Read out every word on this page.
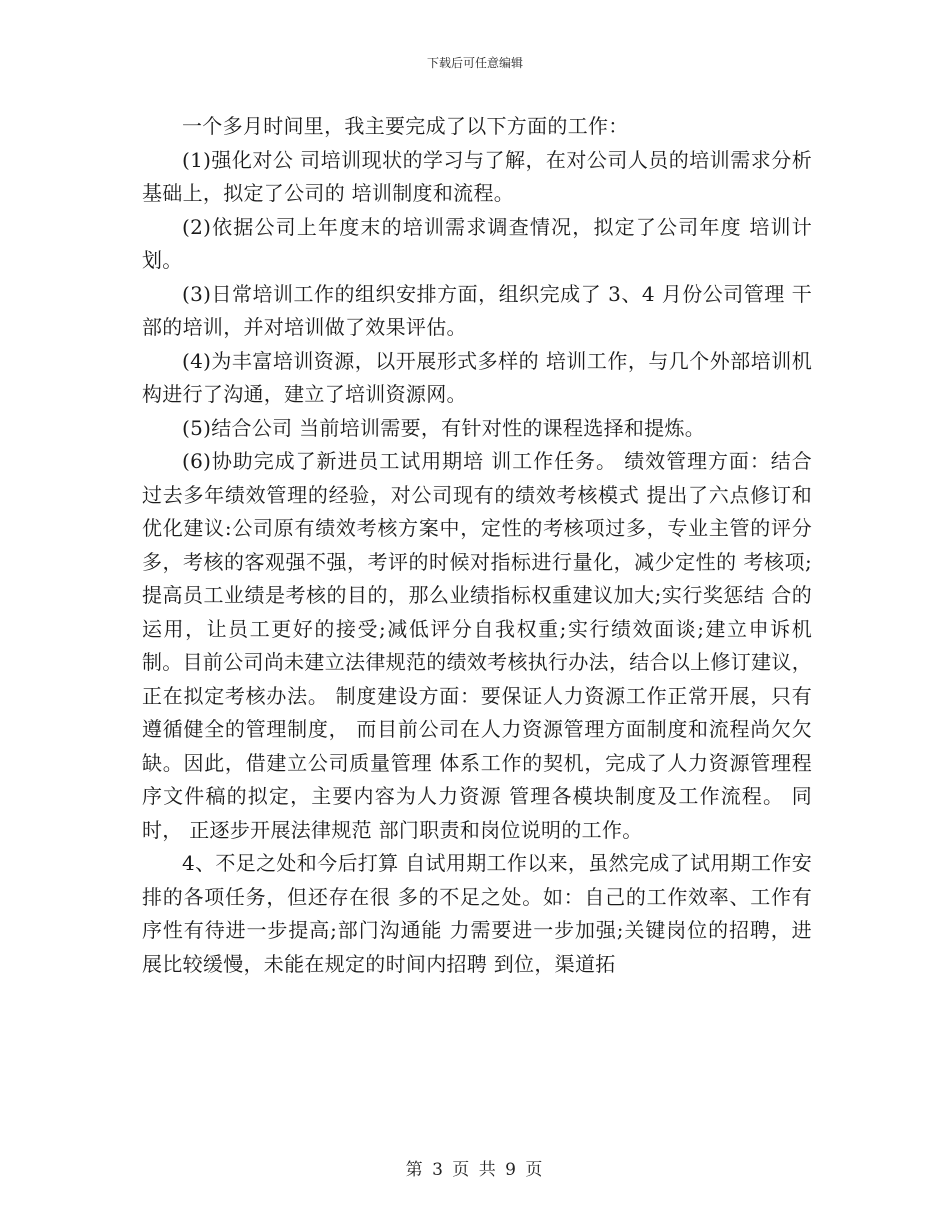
下载后可任意编辑

一个多月时间里，我主要完成了以下方面的工作：

(1)强化对公 司培训现状的学习与了解，在对公司人员的培训需求分析基础上，拟定了公司的 培训制度和流程。

(2)依据公司上年度末的培训需求调查情况，拟定了公司年度 培训计划。

(3)日常培训工作的组织安排方面，组织完成了 3、4 月份公司管理 干部的培训，并对培训做了效果评估。

(4)为丰富培训资源，以开展形式多样的 培训工作，与几个外部培训机构进行了沟通，建立了培训资源网。

(5)结合公司 当前培训需要，有针对性的课程选择和提炼。

(6)协助完成了新进员工试用期培 训工作任务。 绩效管理方面：结合过去多年绩效管理的经验，对公司现有的绩效考核模式 提出了六点修订和优化建议:公司原有绩效考核方案中，定性的考核项过多，专业主管的评分多，考核的客观强不强，考评的时候对指标进行量化，减少定性的 考核项;提高员工业绩是考核的目的，那么业绩指标权重建议加大;实行奖惩结 合的运用，让员工更好的接受;减低评分自我权重;实行绩效面谈;建立申诉机 制。目前公司尚未建立法律规范的绩效考核执行办法，结合以上修订建议，正在拟定考核办法。 制度建设方面：要保证人力资源工作正常开展，只有遵循健全的管理制度， 而目前公司在人力资源管理方面制度和流程尚欠欠缺。因此，借建立公司质量管理 体系工作的契机，完成了人力资源管理程序文件稿的拟定，主要内容为人力资源 管理各模块制度及工作流程。 同时， 正逐步开展法律规范 部门职责和岗位说明的工作。

4、不足之处和今后打算 自试用期工作以来，虽然完成了试用期工作安排的各项任务，但还存在很 多的不足之处。如：自己的工作效率、工作有序性有待进一步提高;部门沟通能 力需要进一步加强;关键岗位的招聘，进展比较缓慢，未能在规定的时间内招聘 到位，渠道拓

第 3 页 共 9 页
